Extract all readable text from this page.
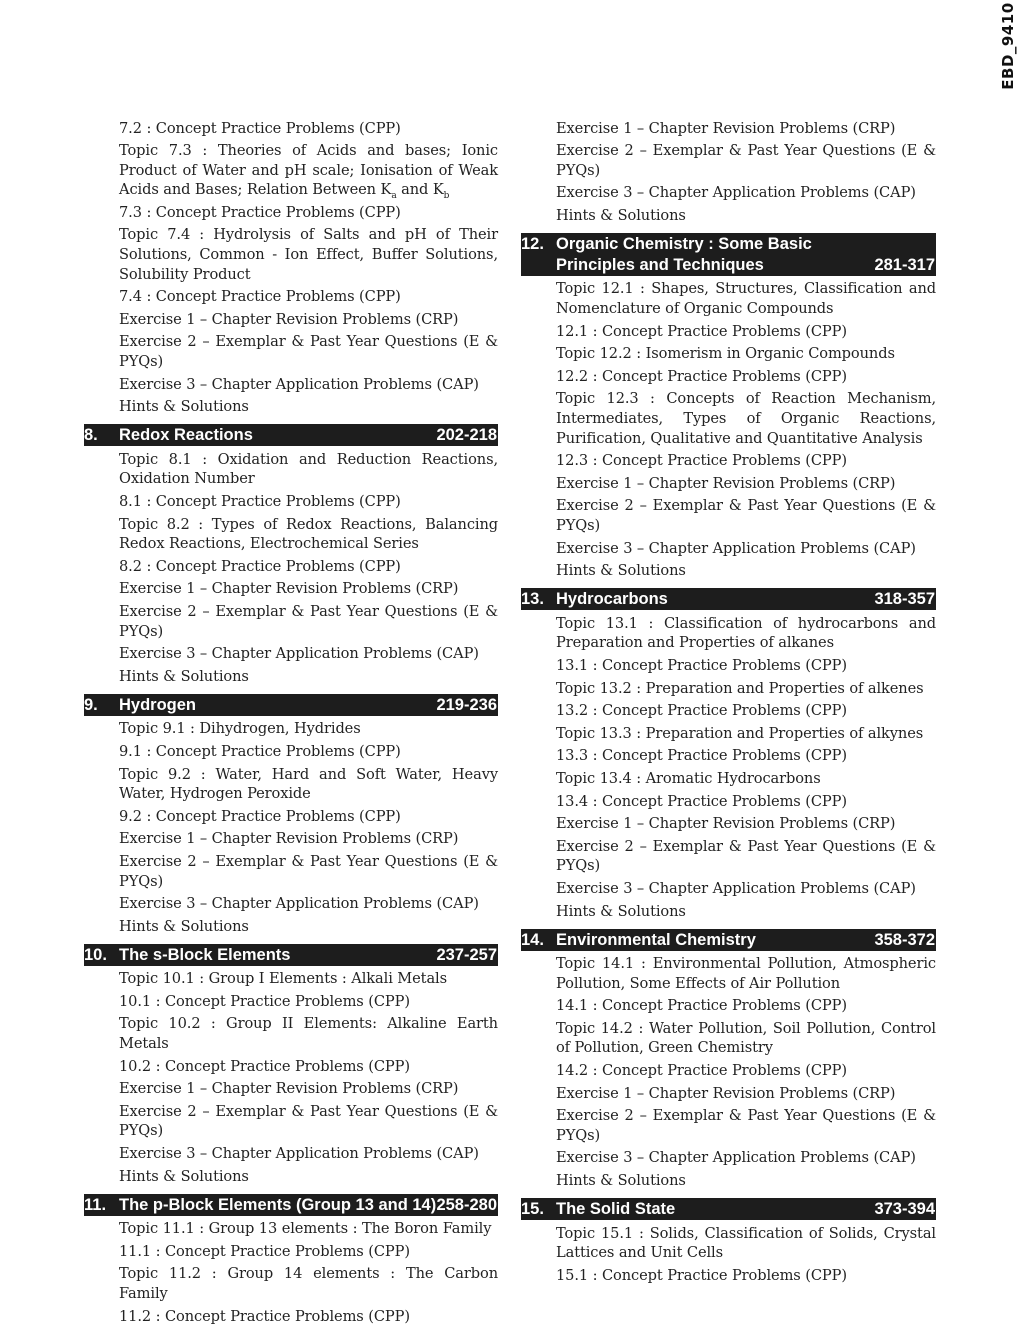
EBD_9410
7.2 : Concept Practice Problems (CPP)
Topic 7.3 : Theories of Acids and bases; Ionic Product of Water and pH scale; Ionisation of Weak Acids and Bases; Relation Between $K_a$ and $K_b$
7.3 : Concept Practice Problems (CPP)
Topic 7.4 : Hydrolysis of Salts and pH of Their Solutions, Common - Ion Effect, Buffer Solutions, Solubility Product
7.4 : Concept Practice Problems (CPP)
Exercise 1 – Chapter Revision Problems (CRP)
Exercise 2 – Exemplar & Past Year Questions (E & PYQs)
Exercise 3 – Chapter Application Problems (CAP)
Hints & Solutions
8.	Redox Reactions	202-218
Topic 8.1 : Oxidation and Reduction Reactions, Oxidation Number
8.1 : Concept Practice Problems (CPP)
Topic 8.2 : Types of Redox Reactions, Balancing Redox Reactions, Electrochemical Series
8.2 : Concept Practice Problems (CPP)
Exercise 1 – Chapter Revision Problems (CRP)
Exercise 2 – Exemplar & Past Year Questions (E & PYQs)
Exercise 3 – Chapter Application Problems (CAP)
Hints & Solutions
9.	Hydrogen	219-236
Topic 9.1 : Dihydrogen, Hydrides
9.1 : Concept Practice Problems (CPP)
Topic 9.2 : Water, Hard and Soft Water, Heavy Water, Hydrogen Peroxide
9.2 : Concept Practice Problems (CPP)
Exercise 1 – Chapter Revision Problems (CRP)
Exercise 2 – Exemplar & Past Year Questions (E & PYQs)
Exercise 3 – Chapter Application Problems (CAP)
Hints & Solutions
10. The s-Block Elements	237-257
Topic 10.1 : Group I Elements : Alkali Metals
10.1 : Concept Practice Problems (CPP)
Topic 10.2 : Group II Elements: Alkaline Earth Metals
10.2 : Concept Practice Problems (CPP)
Exercise 1 – Chapter Revision Problems (CRP)
Exercise 2 – Exemplar & Past Year Questions (E & PYQs)
Exercise 3 – Chapter Application Problems (CAP)
Hints & Solutions
11. The p-Block Elements (Group 13 and 14) 258-280
Topic 11.1 : Group 13 elements : The Boron Family
11.1 : Concept Practice Problems (CPP)
Topic 11.2 : Group 14 elements : The Carbon Family
11.2 : Concept Practice Problems (CPP)
Exercise 1 – Chapter Revision Problems (CRP)
Exercise 2 – Exemplar & Past Year Questions (E & PYQs)
Exercise 3 – Chapter Application Problems (CAP)
Hints & Solutions
12. Organic Chemistry : Some Basic Principles and Techniques	281-317
Topic 12.1 : Shapes, Structures, Classification and Nomenclature of Organic Compounds
12.1 : Concept Practice Problems (CPP)
Topic 12.2 : Isomerism in Organic Compounds
12.2 : Concept Practice Problems (CPP)
Topic 12.3 : Concepts of Reaction Mechanism, Intermediates, Types of Organic Reactions, Purification, Qualitative and Quantitative Analysis
12.3 : Concept Practice Problems (CPP)
Exercise 1 – Chapter Revision Problems (CRP)
Exercise 2 – Exemplar & Past Year Questions (E & PYQs)
Exercise 3 – Chapter Application Problems (CAP)
Hints & Solutions
13. Hydrocarbons	318-357
Topic 13.1 : Classification of hydrocarbons and Preparation and Properties of alkanes
13.1 : Concept Practice Problems (CPP)
Topic 13.2 : Preparation and Properties of alkenes
13.2 : Concept Practice Problems (CPP)
Topic 13.3 : Preparation and Properties of alkynes
13.3 : Concept Practice Problems (CPP)
Topic 13.4 : Aromatic Hydrocarbons
13.4 : Concept Practice Problems (CPP)
Exercise 1 – Chapter Revision Problems (CRP)
Exercise 2 – Exemplar & Past Year Questions (E & PYQs)
Exercise 3 – Chapter Application Problems (CAP)
Hints & Solutions
14. Environmental Chemistry	358-372
Topic 14.1 : Environmental Pollution, Atmospheric Pollution, Some Effects of Air Pollution
14.1 : Concept Practice Problems (CPP)
Topic 14.2 : Water Pollution, Soil Pollution, Control of Pollution, Green Chemistry
14.2 : Concept Practice Problems (CPP)
Exercise 1 – Chapter Revision Problems (CRP)
Exercise 2 – Exemplar & Past Year Questions (E & PYQs)
Exercise 3 – Chapter Application Problems (CAP)
Hints & Solutions
15. The Solid State	373-394
Topic 15.1 : Solids, Classification of Solids, Crystal Lattices and Unit Cells
15.1 : Concept Practice Problems (CPP)
